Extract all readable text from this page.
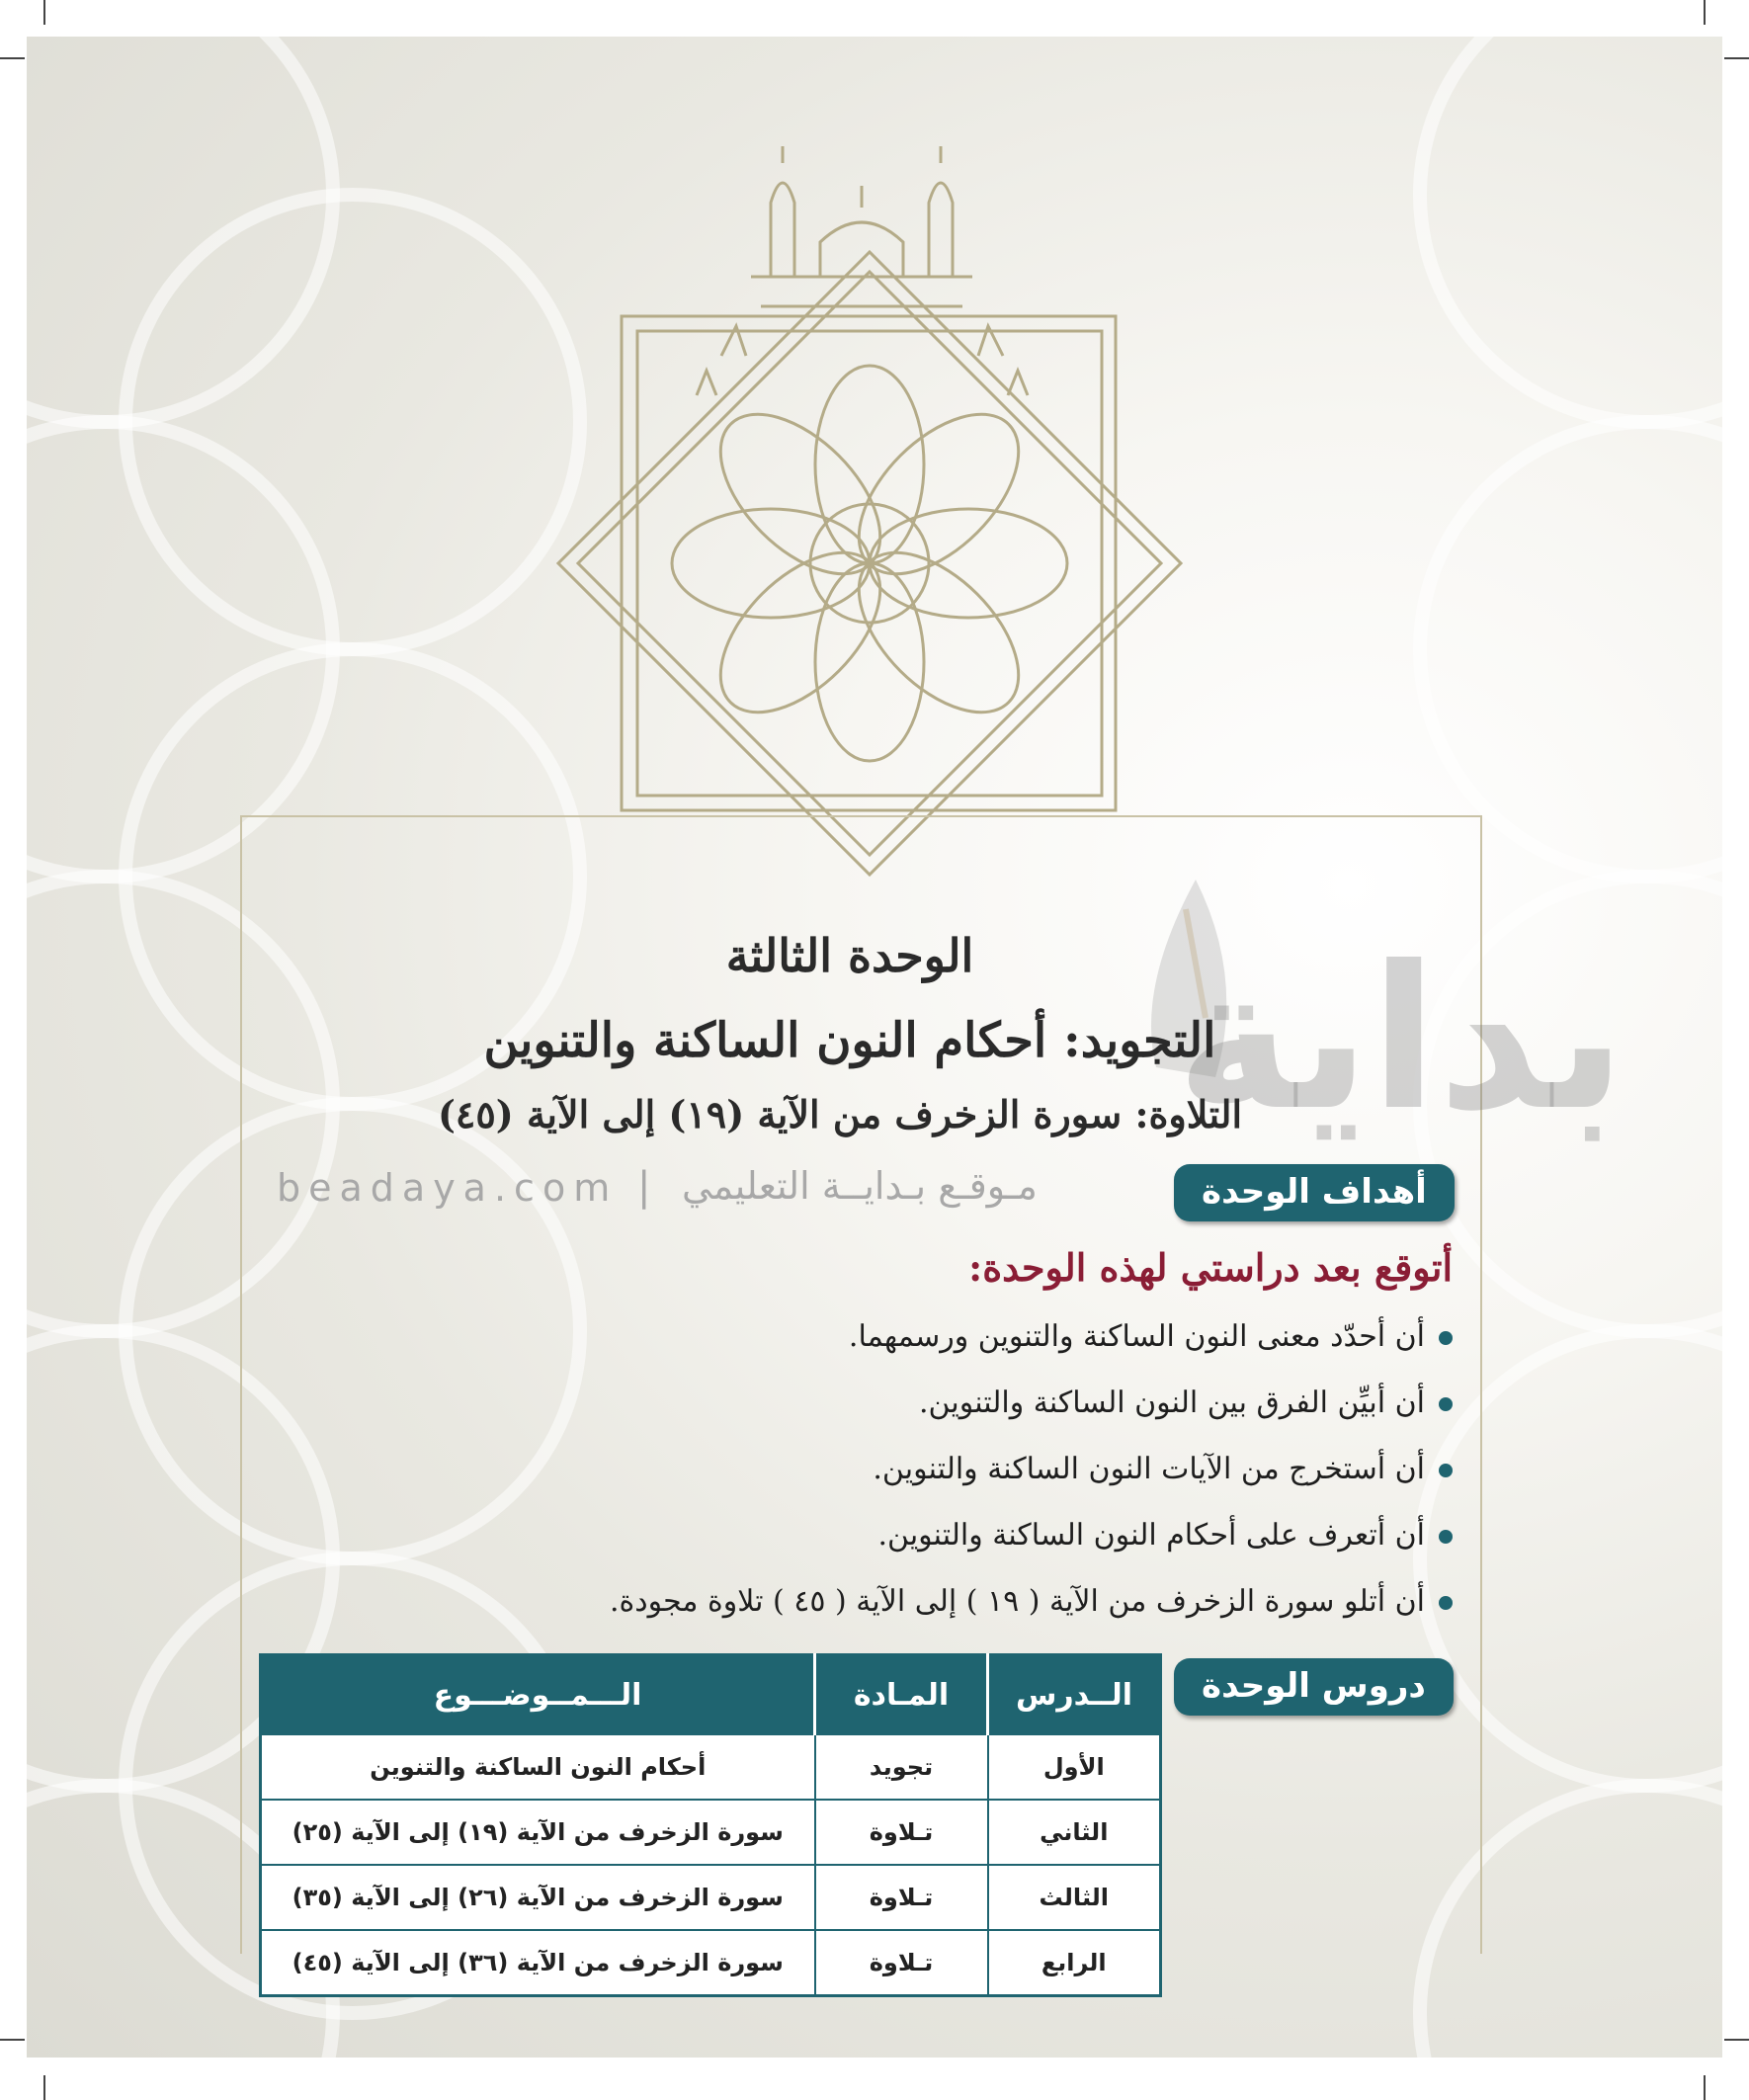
بداية
beadaya.com | مـوقـع بـدايــة التعليمي
الوحدة الثالثة
التجويد: أحكام النون الساكنة والتنوين
التلاوة: سورة الزخرف من الآية (١٩) إلى الآية (٤٥)
أهداف الوحدة
أتوقع بعد دراستي لهذه الوحدة:
أن أحدّد معنى النون الساكنة والتنوين ورسمهما.
أن أبيِّن الفرق بين النون الساكنة والتنوين.
أن أستخرج من الآيات النون الساكنة والتنوين.
أن أتعرف على أحكام النون الساكنة والتنوين.
أن أتلو سورة الزخرف من الآية ( ١٩ ) إلى الآية ( ٤٥ ) تلاوة مجودة.
دروس الوحدة
الــدرس	المـادة	الـــمــوضـــوع
الأول	تجويد	أحكام النون الساكنة والتنوين
الثاني	تـلاوة	سورة الزخرف من الآية (١٩) إلى الآية (٢٥)
الثالث	تـلاوة	سورة الزخرف من الآية (٢٦) إلى الآية (٣٥)
الرابع	تـلاوة	سورة الزخرف من الآية (٣٦) إلى الآية (٤٥)
